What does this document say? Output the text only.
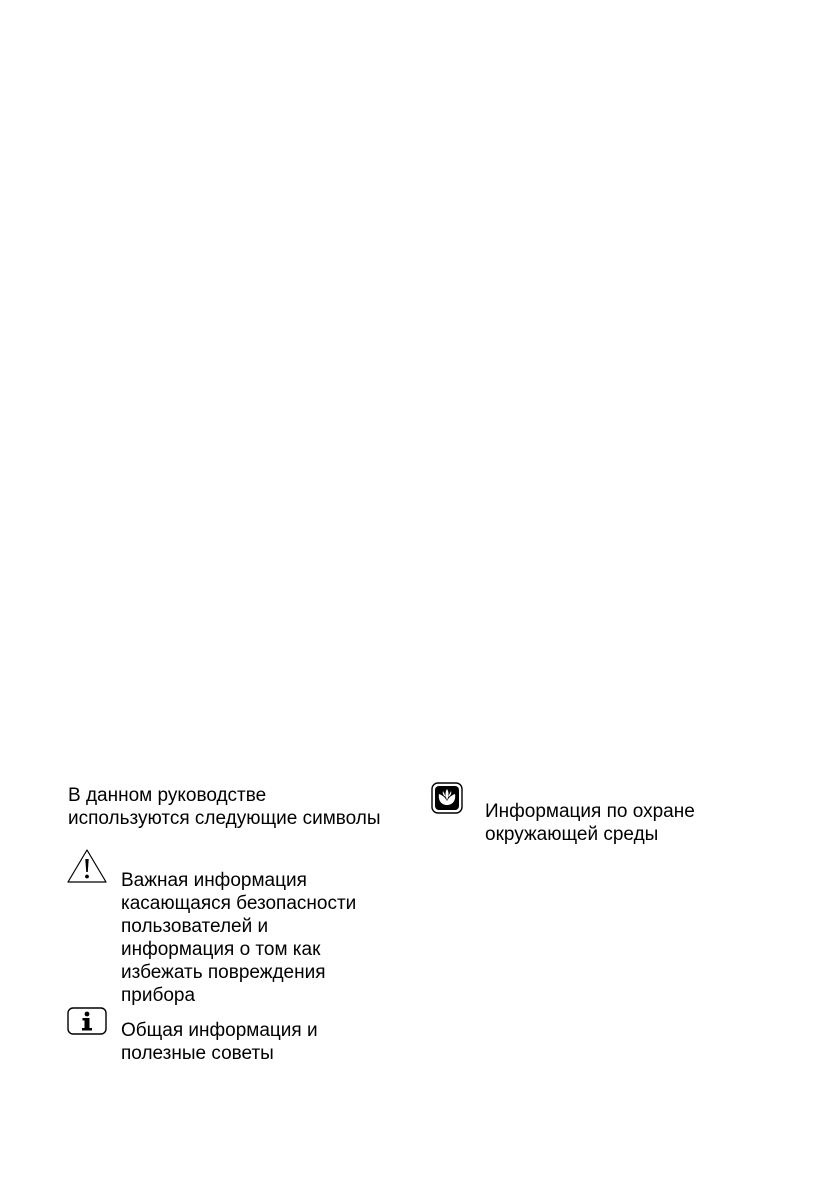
В данном руководстве
используются следующие символы

Важная информация
касающаяся безопасности
пользователей и
информация о том как
избежать повреждения
прибора

Общая информация и
полезные советы

Информация по охране
окружающей среды
